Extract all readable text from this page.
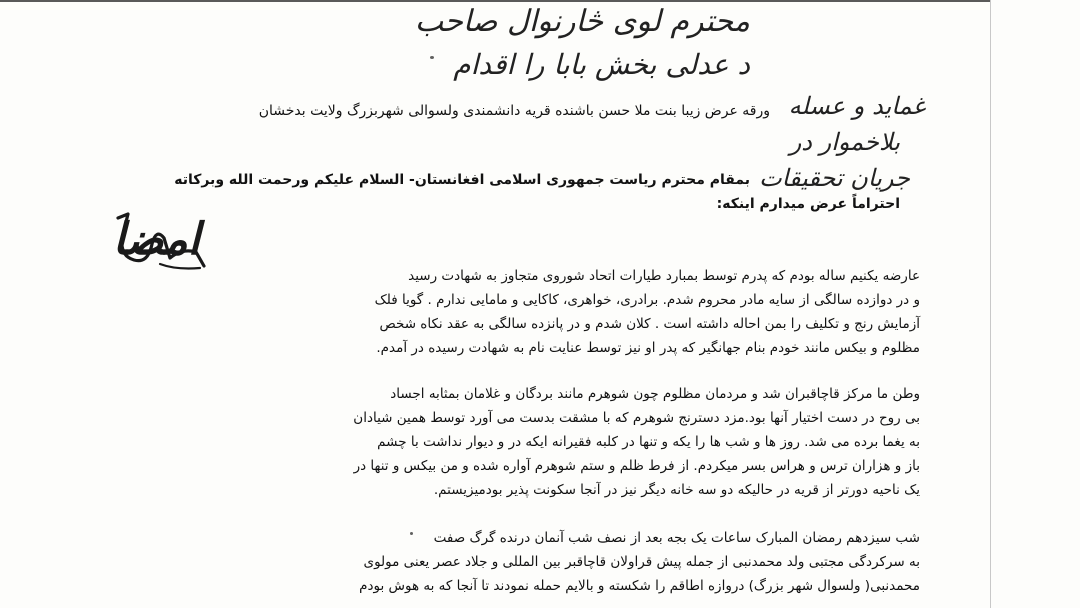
محترم لوی څارنوال صاحب
د عدلی بخش بابا را اقدام
ورقه عرض زیبا بنت ملا حسن باشنده قریه دانشمندی ولسوالی شهربزرگ ولایت بدخشان غماید و عسله
بلاخموار در
جریان تحقیقات
بمقام محترم ریاست جمهوری اسلامی افغانستان- السلام علیکم ورحمت الله وبرکاته
احتراماً عرض میدارم اینکه:
امضا
عارضه یکنیم ساله بودم که پدرم توسط بمبارد طیارات اتحاد شوروی متجاوز به شهادت رسید
و در دوازده سالگی از سایه مادر محروم شدم. برادری، خواهری، کاکایی و مامایی ندارم . گویا فلک
آزمایش رنج و تکلیف را بمن احاله داشته است . کلان شدم و در پانزده سالگی به عقد نکاه شخص
مظلوم و بیکس مانند خودم بنام جهانگیر که پدر او نیز توسط عنایت نام به شهادت رسیده در آمدم.
وطن ما مرکز قاچاقبران شد و مردمان مظلوم چون شوهرم مانند بردگان و غلامان بمثابه اجساد
بی روح در دست اختیار آنها بود.مزد دسترنج شوهرم که با مشقت بدست می آورد توسط همین شیادان
به یغما برده می شد. روز ها و شب ها را یکه و تنها در کلبه فقیرانه ایکه در و دیوار نداشت با چشم
باز و هزاران ترس و هراس بسر میکردم. از فرط ظلم و ستم شوهرم آواره شده و من بیکس و تنها در
یک ناحیه دورتر از قریه در حالیکه دو سه خانه دیگر نیز در آنجا سکونت پذیر بودمیزیستم.
شب سیزدهم رمضان المبارک ساعات یک بجه بعد از نصف شب آنمان درنده گرگ صفت
به سرکردگی مجتبی ولد محمدنبی از جمله پیش قراولان قاچاقبر بین المللی و جلاد عصر یعنی مولوی
محمدنبی( ولسوال شهر بزرگ) دروازه اطاقم را شکسته و بالایم حمله نمودند تا آنجا که به هوش بودم
